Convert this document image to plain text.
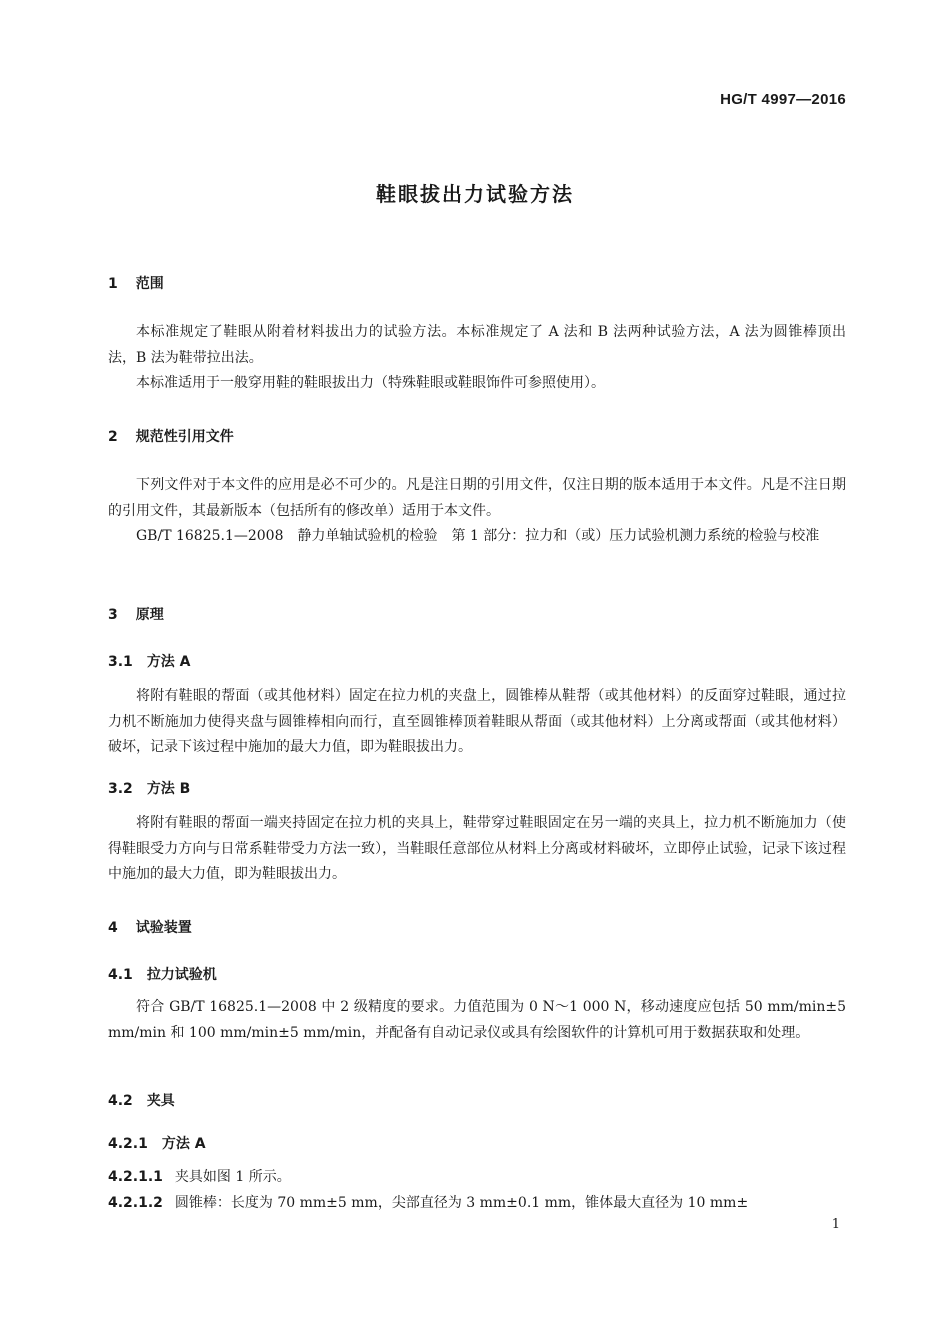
HG/T 4997—2016
鞋眼拔出力试验方法
1 范围
本标准规定了鞋眼从附着材料拔出力的试验方法。本标准规定了 A 法和 B 法两种试验方法，A 法为圆锥棒顶出法，B 法为鞋带拉出法。
本标准适用于一般穿用鞋的鞋眼拔出力（特殊鞋眼或鞋眼饰件可参照使用）。
2 规范性引用文件
下列文件对于本文件的应用是必不可少的。凡是注日期的引用文件，仅注日期的版本适用于本文件。凡是不注日期的引用文件，其最新版本（包括所有的修改单）适用于本文件。
GB/T 16825.1—2008　静力单轴试验机的检验　第 1 部分：拉力和（或）压力试验机测力系统的检验与校准
3 原理
3.1 方法 A
将附有鞋眼的帮面（或其他材料）固定在拉力机的夹盘上，圆锥棒从鞋帮（或其他材料）的反面穿过鞋眼，通过拉力机不断施加力使得夹盘与圆锥棒相向而行，直至圆锥棒顶着鞋眼从帮面（或其他材料）上分离或帮面（或其他材料）破坏，记录下该过程中施加的最大力值，即为鞋眼拔出力。
3.2 方法 B
将附有鞋眼的帮面一端夹持固定在拉力机的夹具上，鞋带穿过鞋眼固定在另一端的夹具上，拉力机不断施加力（使得鞋眼受力方向与日常系鞋带受力方法一致），当鞋眼任意部位从材料上分离或材料破坏，立即停止试验，记录下该过程中施加的最大力值，即为鞋眼拔出力。
4 试验装置
4.1 拉力试验机
符合 GB/T 16825.1—2008 中 2 级精度的要求。力值范围为 0 N～1 000 N，移动速度应包括 50 mm/min±5 mm/min 和 100 mm/min±5 mm/min，并配备有自动记录仪或具有绘图软件的计算机可用于数据获取和处理。
4.2 夹具
4.2.1 方法 A
4.2.1.1 夹具如图 1 所示。
4.2.1.2 圆锥棒：长度为 70 mm±5 mm，尖部直径为 3 mm±0.1 mm，锥体最大直径为 10 mm±
1
